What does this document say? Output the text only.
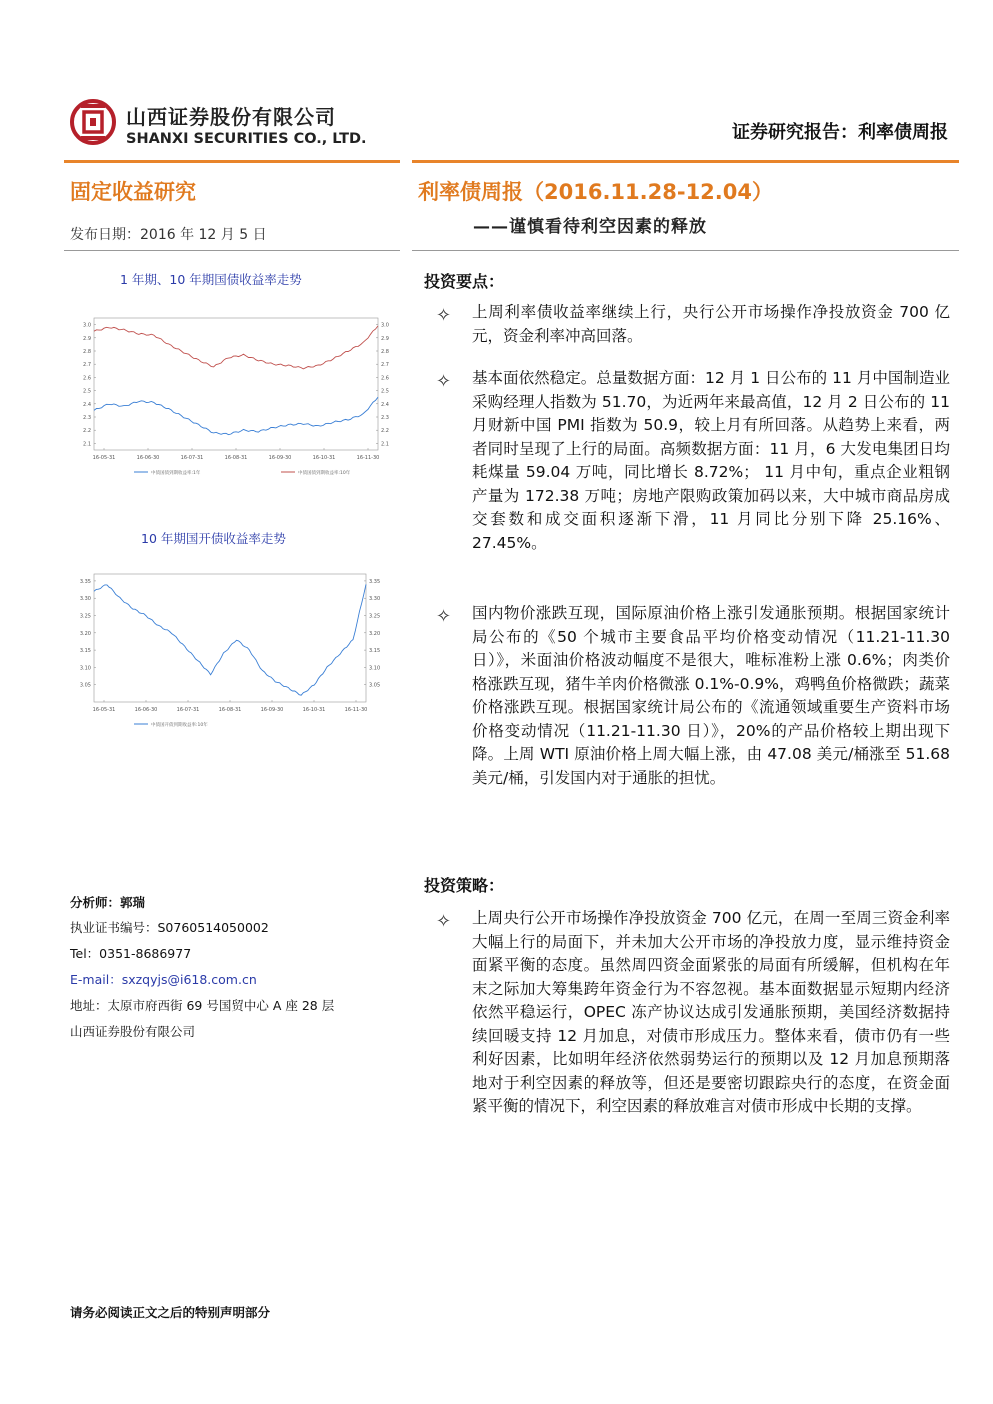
山西证券股份有限公司
SHANXI SECURITIES CO., LTD.	证券研究报告：利率债周报
固定收益研究	利率债周报（2016.11.28-12.04）
——谨慎看待利空因素的释放
发布日期：2016 年 12 月 5 日
1 年期、10 年期国债收益率走势
3.0
2.9
2.8
2.7
2.6
2.5
2.4
2.3
2.2
2.1
3.0
2.9
2.8
2.7
2.6
2.5
2.4
2.3
2.2
2.1
16-05-31	16-06-30	16-07-31	16-08-31	16-09-30	16-10-31	16-11-30
中债国债到期收益率:1年	中债国债到期收益率:10年
10 年期国开债收益率走势
3.35
3.30
3.25
3.20
3.15
3.10
3.05
3.35
3.30
3.25
3.20
3.15
3.10
3.05
16-05-31	16-06-30	16-07-31	16-08-31	16-09-30	16-10-31	16-11-30
中债国开债到期收益率:10年
投资要点：
✧ 上周利率债收益率继续上行，央行公开市场操作净投放资金 700 亿元，资金利率冲高回落。
✧ 基本面依然稳定。总量数据方面：12 月 1 日公布的 11 月中国制造业采购经理人指数为 51.70，为近两年来最高值，12 月 2 日公布的 11 月财新中国 PMI 指数为 50.9，较上月有所回落。从趋势上来看，两者同时呈现了上行的局面。高频数据方面：11 月，6 大发电集团日均耗煤量 59.04 万吨，同比增长 8.72%； 11 月中旬，重点企业粗钢产量为 172.38 万吨；房地产限购政策加码以来，大中城市商品房成交套数和成交面积逐渐下滑，11 月同比分别下降 25.16%、27.45%。
✧ 国内物价涨跌互现，国际原油价格上涨引发通胀预期。根据国家统计局公布的《50 个城市主要食品平均价格变动情况（11.21-11.30 日）》，米面油价格波动幅度不是很大，唯标准粉上涨 0.6%；肉类价格涨跌互现，猪牛羊肉价格微涨 0.1%-0.9%，鸡鸭鱼价格微跌；蔬菜价格涨跌互现。根据国家统计局公布的《流通领域重要生产资料市场价格变动情况（11.21-11.30 日）》，20%的产品价格较上期出现下降。上周 WTI 原油价格上周大幅上涨，由 47.08 美元/桶涨至 51.68 美元/桶，引发国内对于通胀的担忧。
投资策略：
✧ 上周央行公开市场操作净投放资金 700 亿元，在周一至周三资金利率大幅上行的局面下，并未加大公开市场的净投放力度，显示维持资金面紧平衡的态度。虽然周四资金面紧张的局面有所缓解，但机构在年末之际加大筹集跨年资金行为不容忽视。基本面数据显示短期内经济依然平稳运行，OPEC 冻产协议达成引发通胀预期，美国经济数据持续回暖支持 12 月加息，对债市形成压力。整体来看，债市仍有一些利好因素，比如明年经济依然弱势运行的预期以及 12 月加息预期落地对于利空因素的释放等，但还是要密切跟踪央行的态度，在资金面紧平衡的情况下，利空因素的释放难言对债市形成中长期的支撑。
分析师：郭瑞
执业证书编号：S0760514050002
Tel：0351-8686977
E-mail：sxzqyjs@i618.com.cn
地址：太原市府西街 69 号国贸中心 A 座 28 层
山西证券股份有限公司
请务必阅读正文之后的特别声明部分
